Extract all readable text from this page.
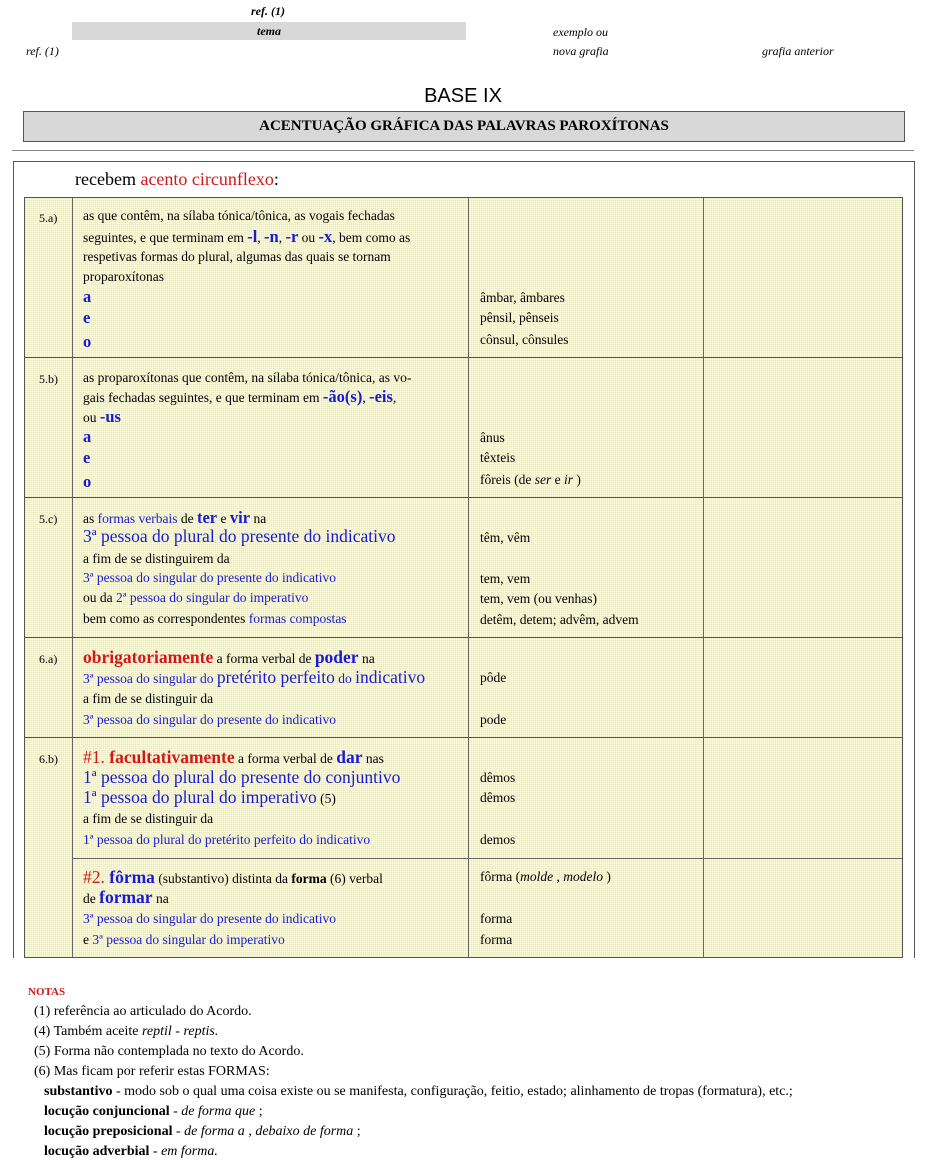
ref. (1)
tema
ref. (1)
exemplo ou
nova grafia	grafia anterior
BASE IX
ACENTUAÇÃO GRÁFICA DAS PALAVRAS PAROXÍTONAS
recebem acento circunflexo:
5.a) as que contêm, na sílaba tónica/tônica, as vogais fechadas
seguintes, e que terminam em -l, -n, -r ou -x, bem como as
respetivas formas do plural, algumas das quais se tornam
proparoxítonas
a
e
o
âmbar, âmbares
pênsil, pênseis
cônsul, cônsules
5.b) as proparoxítonas que contêm, na sílaba tónica/tônica, as vo-
gais fechadas seguintes, e que terminam em -ão(s), -eis,
ou -us
a
e
o
ânus
têxteis
fôreis (de ser e ir )
5.c) as formas verbais de ter e vir na
3ª pessoa do plural do presente do indicativo
a fim de se distinguirem da
3ª pessoa do singular do presente do indicativo
ou da 2ª pessoa do singular do imperativo
bem como as correspondentes formas compostas
têm, vêm
tem, vem
tem, vem (ou venhas)
detêm, detem; advêm, advem
6.a) obrigatoriamente a forma verbal de poder na
3ª pessoa do singular do pretérito perfeito do indicativo
a fim de se distinguir da
3ª pessoa do singular do presente do indicativo
pôde
pode
6.b) #1. facultativamente a forma verbal de dar nas
1ª pessoa do plural do presente do conjuntivo
1ª pessoa do plural do imperativo (5)
a fim de se distinguir da
1ª pessoa do plural do pretérito perfeito do indicativo
dêmos
dêmos
demos
#2. fôrma (substantivo) distinta da forma (6) verbal
de formar na
3ª pessoa do singular do presente do indicativo
e 3ª pessoa do singular do imperativo
fôrma (molde , modelo )
forma
forma
NOTAS
(1) referência ao articulado do Acordo.
(4) Também aceite reptil - reptis.
(5) Forma não contemplada no texto do Acordo.
(6) Mas ficam por referir estas FORMAS:
substantivo - modo sob o qual uma coisa existe ou se manifesta, configuração, feitio, estado; alinhamento de tropas (formatura), etc.;
locução conjuncional - de forma que ;
locução preposicional - de forma a , debaixo de forma ;
locução adverbial - em forma.
